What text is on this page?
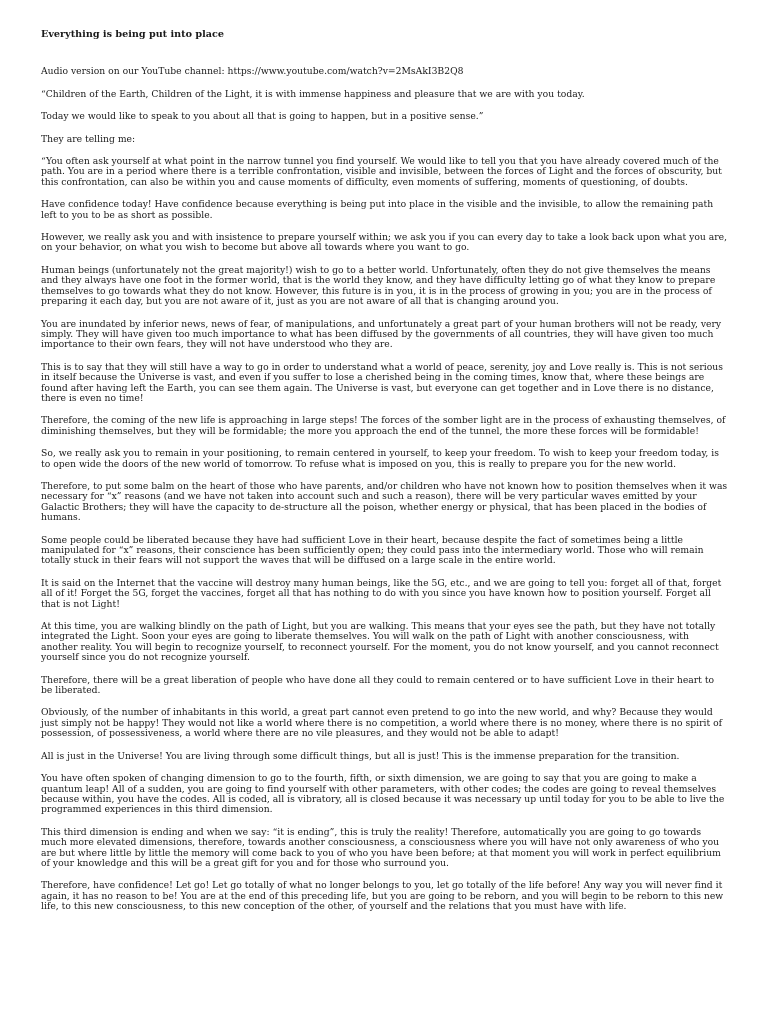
Everything is being put into place

Audio version on our YouTube channel: https://www.youtube.com/watch?v=2MsAkI3B2Q8

“Children of the Earth, Children of the Light, it is with immense happiness and pleasure that we are with you today.

Today we would like to speak to you about all that is going to happen, but in a positive sense.”

They are telling me:

“You often ask yourself at what point in the narrow tunnel you find yourself. We would like to tell you that you have already covered much of the path. You are in a period where there is a terrible confrontation, visible and invisible, between the forces of Light and the forces of obscurity, but this confrontation, can also be within you and cause moments of difficulty, even moments of suffering, moments of questioning, of doubts.

Have confidence today! Have confidence because everything is being put into place in the visible and the invisible, to allow the remaining path left to you to be as short as possible.

However, we really ask you and with insistence to prepare yourself within; we ask you if you can every day to take a look back upon what you are, on your behavior, on what you wish to become but above all towards where you want to go.

Human beings (unfortunately not the great majority!) wish to go to a better world. Unfortunately, often they do not give themselves the means and they always have one foot in the former world, that is the world they know, and they have difficulty letting go of what they know to prepare themselves to go towards what they do not know. However, this future is in you, it is in the process of growing in you; you are in the process of preparing it each day, but you are not aware of it, just as you are not aware of all that is changing around you.

You are inundated by inferior news, news of fear, of manipulations, and unfortunately a great part of your human brothers will not be ready, very simply. They will have given too much importance to what has been diffused by the governments of all countries, they will have given too much importance to their own fears, they will not have understood who they are.

This is to say that they will still have a way to go in order to understand what a world of peace, serenity, joy and Love really is. This is not serious in itself because the Universe is vast, and even if you suffer to lose a cherished being in the coming times, know that, where these beings are found after having left the Earth, you can see them again. The Universe is vast, but everyone can get together and in Love there is no distance, there is even no time!

Therefore, the coming of the new life is approaching in large steps! The forces of the somber light are in the process of exhausting themselves, of diminishing themselves, but they will be formidable; the more you approach the end of the tunnel, the more these forces will be formidable!

So, we really ask you to remain in your positioning, to remain centered in yourself, to keep your freedom. To wish to keep your freedom today, is to open wide the doors of the new world of tomorrow. To refuse what is imposed on you, this is really to prepare you for the new world.

Therefore, to put some balm on the heart of those who have parents, and/or children who have not known how to position themselves when it was necessary for “x” reasons (and we have not taken into account such and such a reason), there will be very particular waves emitted by your Galactic Brothers; they will have the capacity to de-structure all the poison, whether energy or physical, that has been placed in the bodies of humans.

Some people could be liberated because they have had sufficient Love in their heart, because despite the fact of sometimes being a little manipulated for “x” reasons, their conscience has been sufficiently open; they could pass into the intermediary world. Those who will remain totally stuck in their fears will not support the waves that will be diffused on a large scale in the entire world.

It is said on the Internet that the vaccine will destroy many human beings, like the 5G, etc., and we are going to tell you: forget all of that, forget all of it! Forget the 5G, forget the vaccines, forget all that has nothing to do with you since you have known how to position yourself. Forget all that is not Light!

At this time, you are walking blindly on the path of Light, but you are walking. This means that your eyes see the path, but they have not totally integrated the Light. Soon your eyes are going to liberate themselves. You will walk on the path of Light with another consciousness, with another reality. You will begin to recognize yourself, to reconnect yourself. For the moment, you do not know yourself, and you cannot reconnect yourself since you do not recognize yourself.

Therefore, there will be a great liberation of people who have done all they could to remain centered or to have sufficient Love in their heart to be liberated.

Obviously, of the number of inhabitants in this world, a great part cannot even pretend to go into the new world, and why? Because they would just simply not be happy! They would not like a world where there is no competition, a world where there is no money, where there is no spirit of possession, of possessiveness, a world where there are no vile pleasures, and they would not be able to adapt!

All is just in the Universe! You are living through some difficult things, but all is just! This is the immense preparation for the transition.

You have often spoken of changing dimension to go to the fourth, fifth, or sixth dimension, we are going to say that you are going to make a quantum leap! All of a sudden, you are going to find yourself with other parameters, with other codes; the codes are going to reveal themselves because within, you have the codes. All is coded, all is vibratory, all is closed because it was necessary up until today for you to be able to live the programmed experiences in this third dimension.

This third dimension is ending and when we say: “it is ending”, this is truly the reality! Therefore, automatically you are going to go towards much more elevated dimensions, therefore, towards another consciousness, a consciousness where you will have not only awareness of who you are but where little by little the memory will come back to you of who you have been before; at that moment you will work in perfect equilibrium of your knowledge and this will be a great gift for you and for those who surround you.

Therefore, have confidence! Let go! Let go totally of what no longer belongs to you, let go totally of the life before! Any way you will never find it again, it has no reason to be! You are at the end of this preceding life, but you are going to be reborn, and you will begin to be reborn to this new life, to this new consciousness, to this new conception of the other, of yourself and the relations that you must have with life.
